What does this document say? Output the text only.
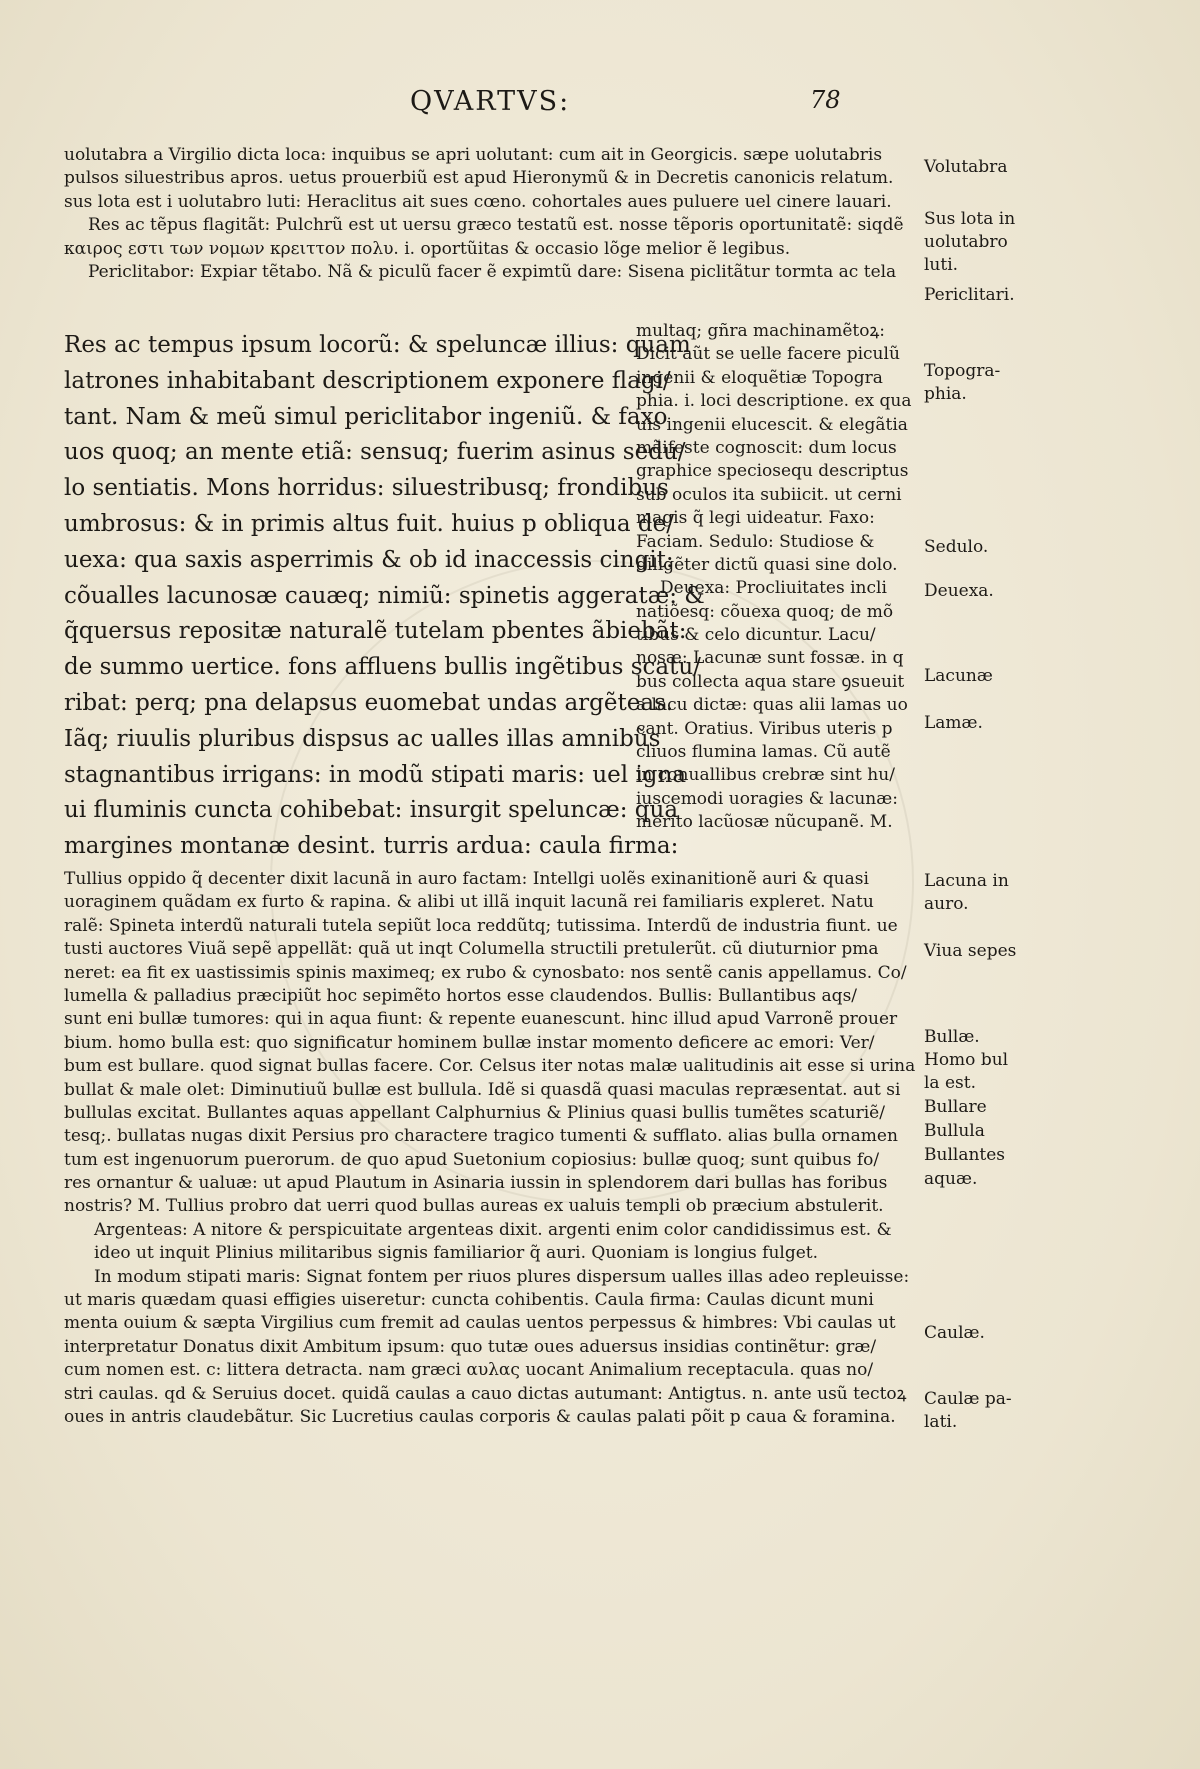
QVARTVS:	78
uolutabra a Virgilio dicta loca: inquibus se apri uolutant: cum ait in Georgicis. sæpe uolutabris
pulsos siluestribus apros. uetus prouerbiũ est apud Hieronymũ & in Decretis canonicis relatum.
sus lota est i uolutabro luti: Heraclitus ait sues cœno. cohortales aues puluere uel cinere lauari.
Res ac tẽpus flagitãt: Pulchrũ est ut uersu græco testatũ est. nosse tẽporis oportunitatẽ: siqdẽ
καιρος εστι των νομων κρειττον πολυ. i. oportũitas & occasio lõge melior ẽ legibus.
Periclitabor: Expiar tẽtabo. Nã & piculũ facer ẽ expimtũ dare: Sisena piclitãtur tormta ac tela
Res ac tempus ipsum locorũ: & speluncæ illius: quam
latrones inhabitabant descriptionem exponere flagi/
tant. Nam & meũ simul periclitabor ingeniũ. & faxo
uos quoq; an mente etiã: sensuq; fuerim asinus sedu/
lo sentiatis. Mons horridus: siluestribusq; frondibus
umbrosus: & in primis altus fuit. huius p obliqua de/
uexa: qua saxis asperrimis & ob id inaccessis cingit:
cõualles lacunosæ cauæq; nimiũ: spinetis aggeratæ: &
q̃quersus repositæ naturalẽ tutelam pbentes ãbiebãt:
de summo uertice. fons affluens bullis ingẽtibus scatu/
ribat: perq; pna delapsus euomebat undas argẽteas.
Iãq; riuulis pluribus dispsus ac ualles illas amnibũs
stagnantibus irrigans: in modũ stipati maris: uel igna
ui fluminis cuncta cohibebat: insurgit speluncæ: qua
margines montanæ desint. turris ardua: caula firma:
multaq; gñra machinamẽtoꝝ:
Dicit aũt se uelle facere piculũ
ingenii & eloquẽtiæ Topogra
phia. i. loci descriptione. ex qua
uis ingenii elucescit. & elegãtia
mãifeste cognoscit: dum locus
graphice speciosequ descriptus
sub oculos ita subiicit. ut cerni
magis q̃ legi uideatur. Faxo:
Faciam. Sedulo: Studiose &
diligẽter dictũ quasi sine dolo.
Deuexa: Procliuitates incli
natiõesq: cõuexa quoq; de mõ
tibus & celo dicuntur. Lacu/
nosæ: Lacunæ sunt fossæ. in q
bus collecta aqua stare ꝯsueuit
a lacu dictæ: quas alii lamas uo
cant. Oratius. Viribus uteris p
cliuos flumina lamas. Cũ autẽ
in conuallibus crebræ sint hu/
iuscemodi uoragies & lacunæ:
merito lacũosæ nũcupanẽ. M.
Tullius oppido q̃ decenter dixit lacunã in auro factam: Intellgi uolẽs exinanitionẽ auri & quasi
uoraginem quãdam ex furto & rapina. & alibi ut illã inquit lacunã rei familiaris expleret. Natu
ralẽ: Spineta interdũ naturali tutela sepiũt loca reddũtq; tutissima. Interdũ de industria fiunt. ue
tusti auctores Viuã sepẽ appellãt: quã ut inqt Columella structili pretulerũt. cũ diuturnior pma
neret: ea fit ex uastissimis spinis maximeq; ex rubo & cynosbato: nos sentẽ canis appellamus. Co/
lumella & palladius præcipiũt hoc sepimẽto hortos esse claudendos. Bullis: Bullantibus aqs/
sunt eni bullæ tumores: qui in aqua fiunt: & repente euanescunt. hinc illud apud Varronẽ prouer
bium. homo bulla est: quo significatur hominem bullæ instar momento deficere ac emori: Ver/
bum est bullare. quod signat bullas facere. Cor. Celsus iter notas malæ ualitudinis ait esse si urina
bullat & male olet: Diminutiuũ bullæ est bullula. Idẽ si quasdã quasi maculas repræsentat. aut si
bullulas excitat. Bullantes aquas appellant Calphurnius & Plinius quasi bullis tumẽtes scaturiẽ/
tesq;. bullatas nugas dixit Persius pro charactere tragico tumenti & sufflato. alias bulla ornamen
tum est ingenuorum puerorum. de quo apud Suetonium copiosius: bullæ quoq; sunt quibus fo/
res ornantur & ualuæ: ut apud Plautum in Asinaria iussin in splendorem dari bullas has foribus
nostris? M. Tullius probro dat uerri quod bullas aureas ex ualuis templi ob præcium abstulerit.
Argenteas: A nitore & perspicuitate argenteas dixit. argenti enim color candidissimus est. &
ideo ut inquit Plinius militaribus signis familiarior q̃ auri. Quoniam is longius fulget.
In modum stipati maris: Signat fontem per riuos plures dispersum ualles illas adeo repleuisse:
ut maris quædam quasi effigies uiseretur: cuncta cohibentis. Caula firma: Caulas dicunt muni
menta ouium & sæpta Virgilius cum fremit ad caulas uentos perpessus & himbres: Vbi caulas ut
interpretatur Donatus dixit Ambitum ipsum: quo tutæ oues aduersus insidias continẽtur: græ/
cum nomen est. c: littera detracta. nam græci αυλας uocant Animalium receptacula. quas no/
stri caulas. qd & Seruius docet. quidã caulas a cauo dictas autumant: Antigtus. n. ante usũ tectoꝝ
oues in antris claudebãtur. Sic Lucretius caulas corporis & caulas palati põit p caua & foramina.
Volutabra
Sus lota in
uolutabro
luti.
Periclitari.
Topogra-
phia.
Sedulo.
Deuexa.
Lacunæ
Lamæ.
Lacuna in
auro.
Viua sepes
Bullæ.
Homo bul
la est.
Bullare
Bullula
Bullantes
aquæ.
Caulæ.
Caulæ pa-
lati.
